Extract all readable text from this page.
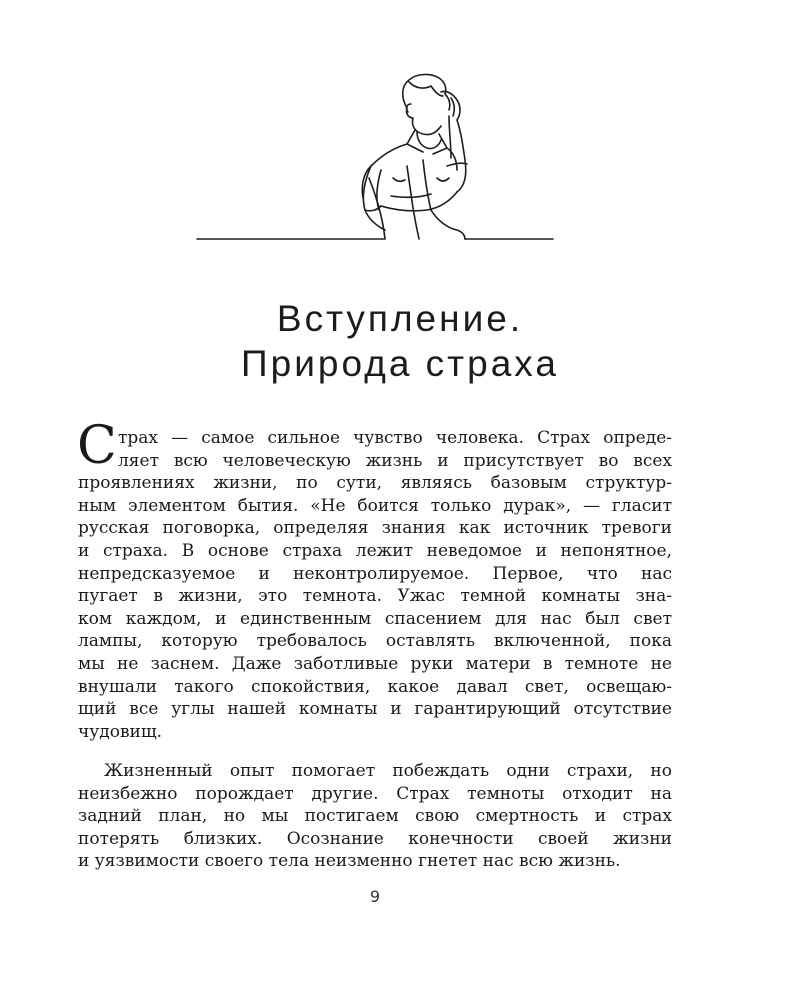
Вступление.
Природа страха
С трах — самое сильное чувство человека. Страх опреде-
ляет всю человеческую жизнь и присутствует во всех
проявлениях жизни, по сути, являясь базовым структур-
ным элементом бытия. «Не боится только дурак», — гласит
русская поговорка, определяя знания как источник тревоги
и страха. В основе страха лежит неведомое и непонятное,
непредсказуемое и неконтролируемое. Первое, что нас
пугает в жизни, это темнота. Ужас темной комнаты зна-
ком каждом, и единственным спасением для нас был свет
лампы, которую требовалось оставлять включенной, пока
мы не заснем. Даже заботливые руки матери в темноте не
внушали такого спокойствия, какое давал свет, освещаю-
щий все углы нашей комнаты и гарантирующий отсутствие
чудовищ.
Жизненный опыт помогает побеждать одни страхи, но
неизбежно порождает другие. Страх темноты отходит на
задний план, но мы постигаем свою смертность и страх
потерять близких. Осознание конечности своей жизни
и уязвимости своего тела неизменно гнетет нас всю жизнь.
9
